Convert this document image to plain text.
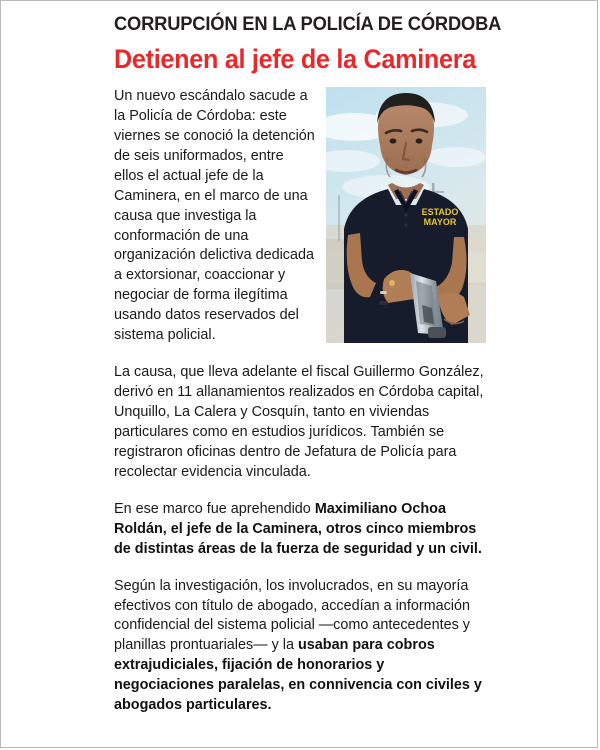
CORRUPCIÓN EN LA POLICÍA DE CÓRDOBA
Detienen al jefe de la Caminera
ESTADO
MAYOR

Un nuevo escándalo sacude a la Policía de Córdoba: este viernes se conoció la detención de seis uniformados, entre ellos el actual jefe de la Caminera, en el marco de una causa que investiga la conformación de una organización delictiva dedicada a extorsionar, coaccionar y negociar de forma ilegítima usando datos reservados del sistema policial.

La causa, que lleva adelante el fiscal Guillermo González, derivó en 11 allanamientos realizados en Córdoba capital, Unquillo, La Calera y Cosquín, tanto en viviendas particulares como en estudios jurídicos. También se registraron oficinas dentro de Jefatura de Policía para recolectar evidencia vinculada.

En ese marco fue aprehendido Maximiliano Ochoa Roldán, el jefe de la Caminera, otros cinco miembros de distintas áreas de la fuerza de seguridad y un civil.

Según la investigación, los involucrados, en su mayoría efectivos con título de abogado, accedían a información confidencial del sistema policial —como antecedentes y planillas prontuariales— y la usaban para cobros extrajudiciales, fijación de honorarios y negociaciones paralelas, en connivencia con civiles y abogados particulares.
